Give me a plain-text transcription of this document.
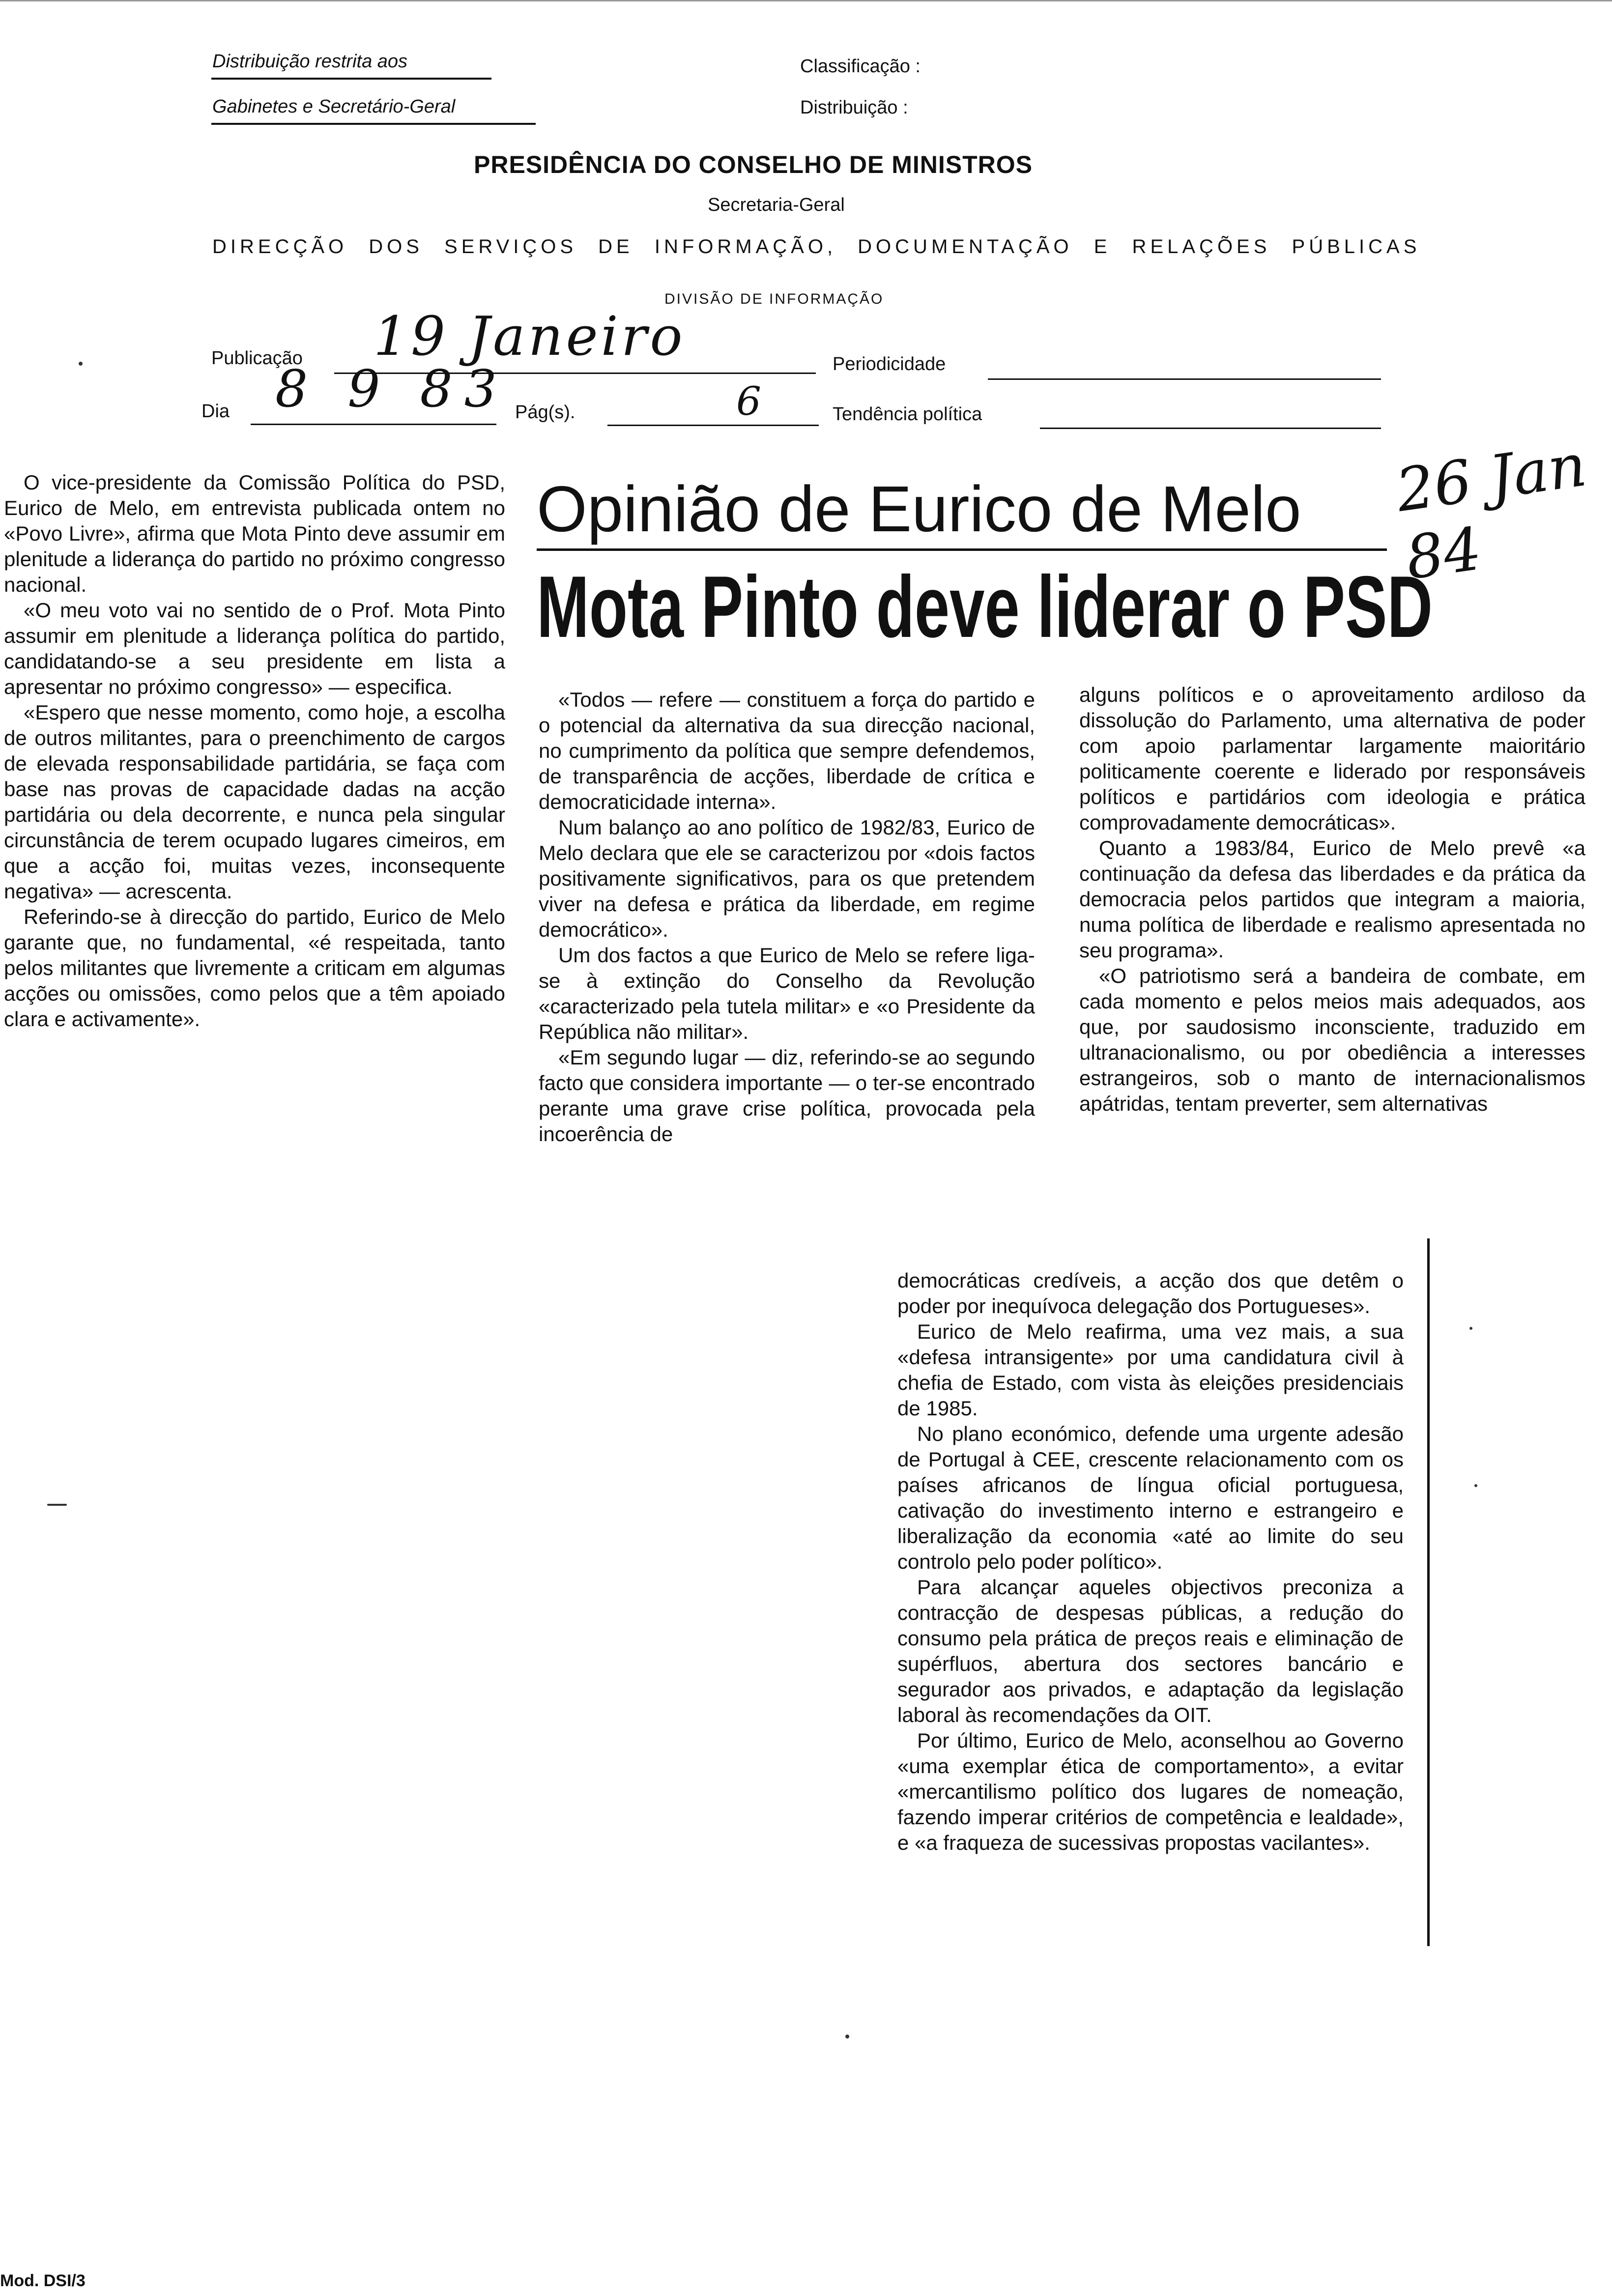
Distribuição restrita aos
Gabinetes e Secretário-Geral
Classificação :
Distribuição :
PRESIDÊNCIA DO CONSELHO DE MINISTROS
Secretaria-Geral
DIRECÇÃO DOS SERVIÇOS DE INFORMAÇÃO, DOCUMENTAÇÃO E RELAÇÕES PÚBLICAS
DIVISÃO DE INFORMAÇÃO
Publicação 19 Janeiro	Periodicidade
Dia 8 9 83 Pág(s).	6	Tendência política
26 Jan 84
Opinião de Eurico de Melo
Mota Pinto deve liderar o PSD

O vice-presidente da Comissão Política do PSD, Eurico de Melo, em entrevista publicada ontem no «Povo Livre», afirma que Mota Pinto deve assumir em plenitude a liderança do partido no próximo congresso nacional.

«O meu voto vai no sentido de o Prof. Mota Pinto assumir em plenitude a liderança política do partido, candidatando-se a seu presidente em lista a apresentar no próximo congresso» — especifica.

«Espero que nesse momento, como hoje, a escolha de outros militantes, para o preenchimento de cargos de elevada responsabilidade partidária, se faça com base nas provas de capacidade dadas na acção partidária ou dela decorrente, e nunca pela singular circunstância de terem ocupado lugares cimeiros, em que a acção foi, muitas vezes, inconsequente negativa» — acrescenta.

Referindo-se à direcção do partido, Eurico de Melo garante que, no fundamental, «é respeitada, tanto pelos militantes que livremente a criticam em algumas acções ou omissões, como pelos que a têm apoiado clara e activamente».

«Todos — refere — constituem a força do partido e o potencial da alternativa da sua direcção nacional, no cumprimento da política que sempre defendemos, de transparência de acções, liberdade de crítica e democraticidade interna».

Num balanço ao ano político de 1982/83, Eurico de Melo declara que ele se caracterizou por «dois factos positivamente significativos, para os que pretendem viver na defesa e prática da liberdade, em regime democrático».

Um dos factos a que Eurico de Melo se refere liga-se à extinção do Conselho da Revolução «caracterizado pela tutela militar» e «o Presidente da República não militar».

«Em segundo lugar — diz, referindo-se ao segundo facto que considera importante — o ter-se encontrado perante uma grave crise política, provocada pela incoerência de

alguns políticos e o aproveitamento ardiloso da dissolução do Parlamento, uma alternativa de poder com apoio parlamentar largamente maioritário politicamente coerente e liderado por responsáveis políticos e partidários com ideologia e prática comprovadamente democráticas».

Quanto a 1983/84, Eurico de Melo prevê «a continuação da defesa das liberdades e da prática da democracia pelos partidos que integram a maioria, numa política de liberdade e realismo apresentada no seu programa».

«O patriotismo será a bandeira de combate, em cada momento e pelos meios mais adequados, aos que, por saudosismo inconsciente, traduzido em ultranacionalismo, ou por obediência a interesses estrangeiros, sob o manto de internacionalismos apátridas, tentam preverter, sem alternativas

democráticas credíveis, a acção dos que detêm o poder por inequívoca delegação dos Portugueses».

Eurico de Melo reafirma, uma vez mais, a sua «defesa intransigente» por uma candidatura civil à chefia de Estado, com vista às eleições presidenciais de 1985.

No plano económico, defende uma urgente adesão de Portugal à CEE, crescente relacionamento com os países africanos de língua oficial portuguesa, cativação do investimento interno e estrangeiro e liberalização da economia «até ao limite do seu controlo pelo poder político».

Para alcançar aqueles objectivos preconiza a contracção de despesas públicas, a redução do consumo pela prática de preços reais e eliminação de supérfluos, abertura dos sectores bancário e segurador aos privados, e adaptação da legislação laboral às recomendações da OIT.

Por último, Eurico de Melo, aconselhou ao Governo «uma exemplar ética de comportamento», a evitar «mercantilismo político dos lugares de nomeação, fazendo imperar critérios de competência e lealdade», e «a fraqueza de sucessivas propostas vacilantes».

Mod. DSI/3
